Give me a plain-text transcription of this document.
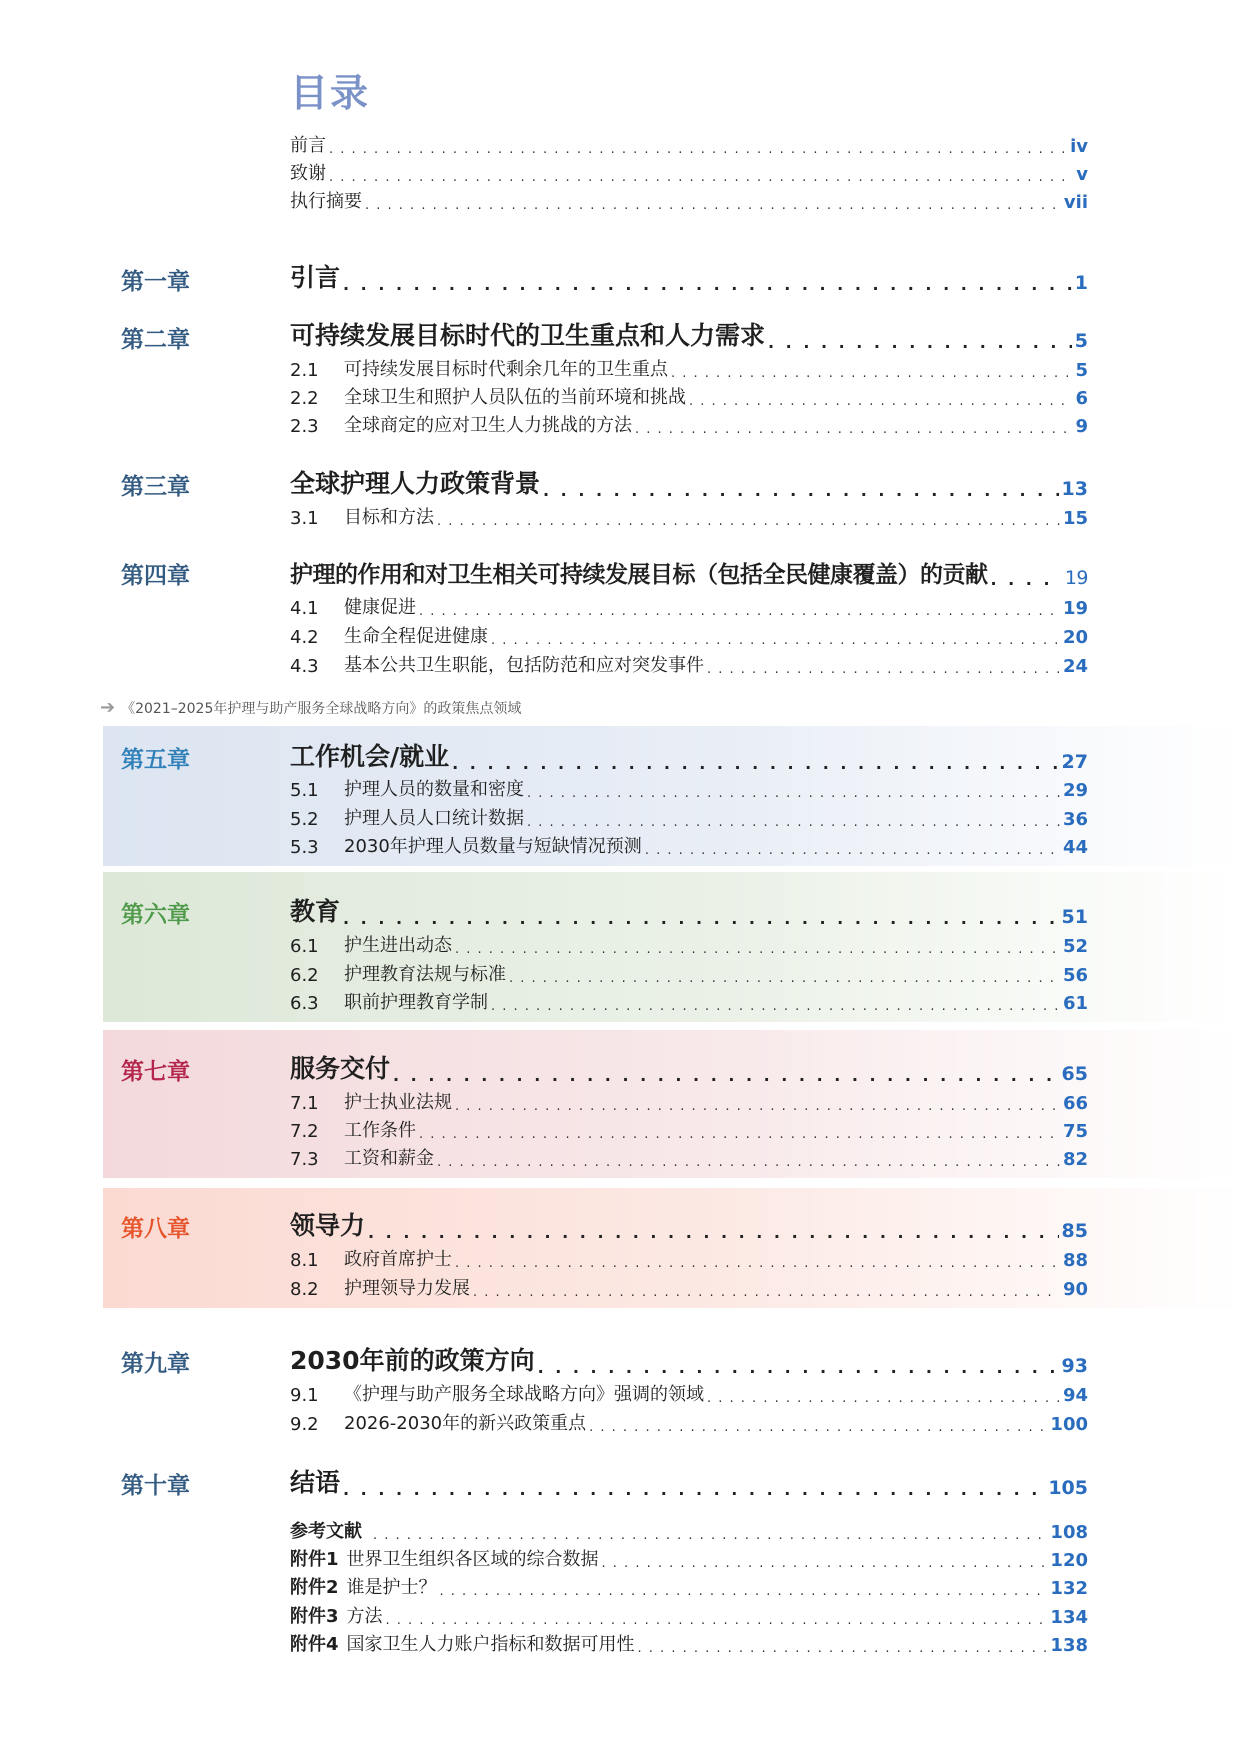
目录
前言 . . .	iv
致谢 . . .	v
执行摘要 . . .	vii
第一章	引言 . . .	1
第二章	可持续发展目标时代的卫生重点和人力需求 . . .	5
2.1	可持续发展目标时代剩余几年的卫生重点 . . .	5
2.2	全球卫生和照护人员队伍的当前环境和挑战 . . .	6
2.3	全球商定的应对卫生人力挑战的方法 . . .	9
第三章	全球护理人力政策背景 . . .	13
3.1	目标和方法 . . .	15
第四章	护理的作用和对卫生相关可持续发展目标（包括全民健康覆盖）的贡献 . . .	19
4.1	健康促进 . . .	19
4.2	生命全程促进健康 . . .	20
4.3	基本公共卫生职能，包括防范和应对突发事件 . . .	24
➔ 《2021–2025年护理与助产服务全球战略方向》的政策焦点领域
第五章	工作机会/就业 . . .	27
5.1	护理人员的数量和密度 . . .	29
5.2	护理人员人口统计数据 . . .	36
5.3	2030年护理人员数量与短缺情况预测 . . .	44
第六章	教育 . . .	51
6.1	护生进出动态 . . .	52
6.2	护理教育法规与标准 . . .	56
6.3	职前护理教育学制 . . .	61
第七章	服务交付 . . .	65
7.1	护士执业法规 . . .	66
7.2	工作条件 . . .	75
7.3	工资和薪金 . . .	82
第八章	领导力 . . .	85
8.1	政府首席护士 . . .	88
8.2	护理领导力发展 . . .	90
第九章	2030年前的政策方向 . . .	93
9.1	《护理与助产服务全球战略方向》强调的领域 . . .	94
9.2	2026-2030年的新兴政策重点 . . .	100
第十章	结语 . . .	105
参考文献 . . .	108
附件1 世界卫生组织各区域的综合数据 . . .	120
附件2 谁是护士？ . . .	132
附件3 方法 . . .	134
附件4 国家卫生人力账户指标和数据可用性 . . .	138
